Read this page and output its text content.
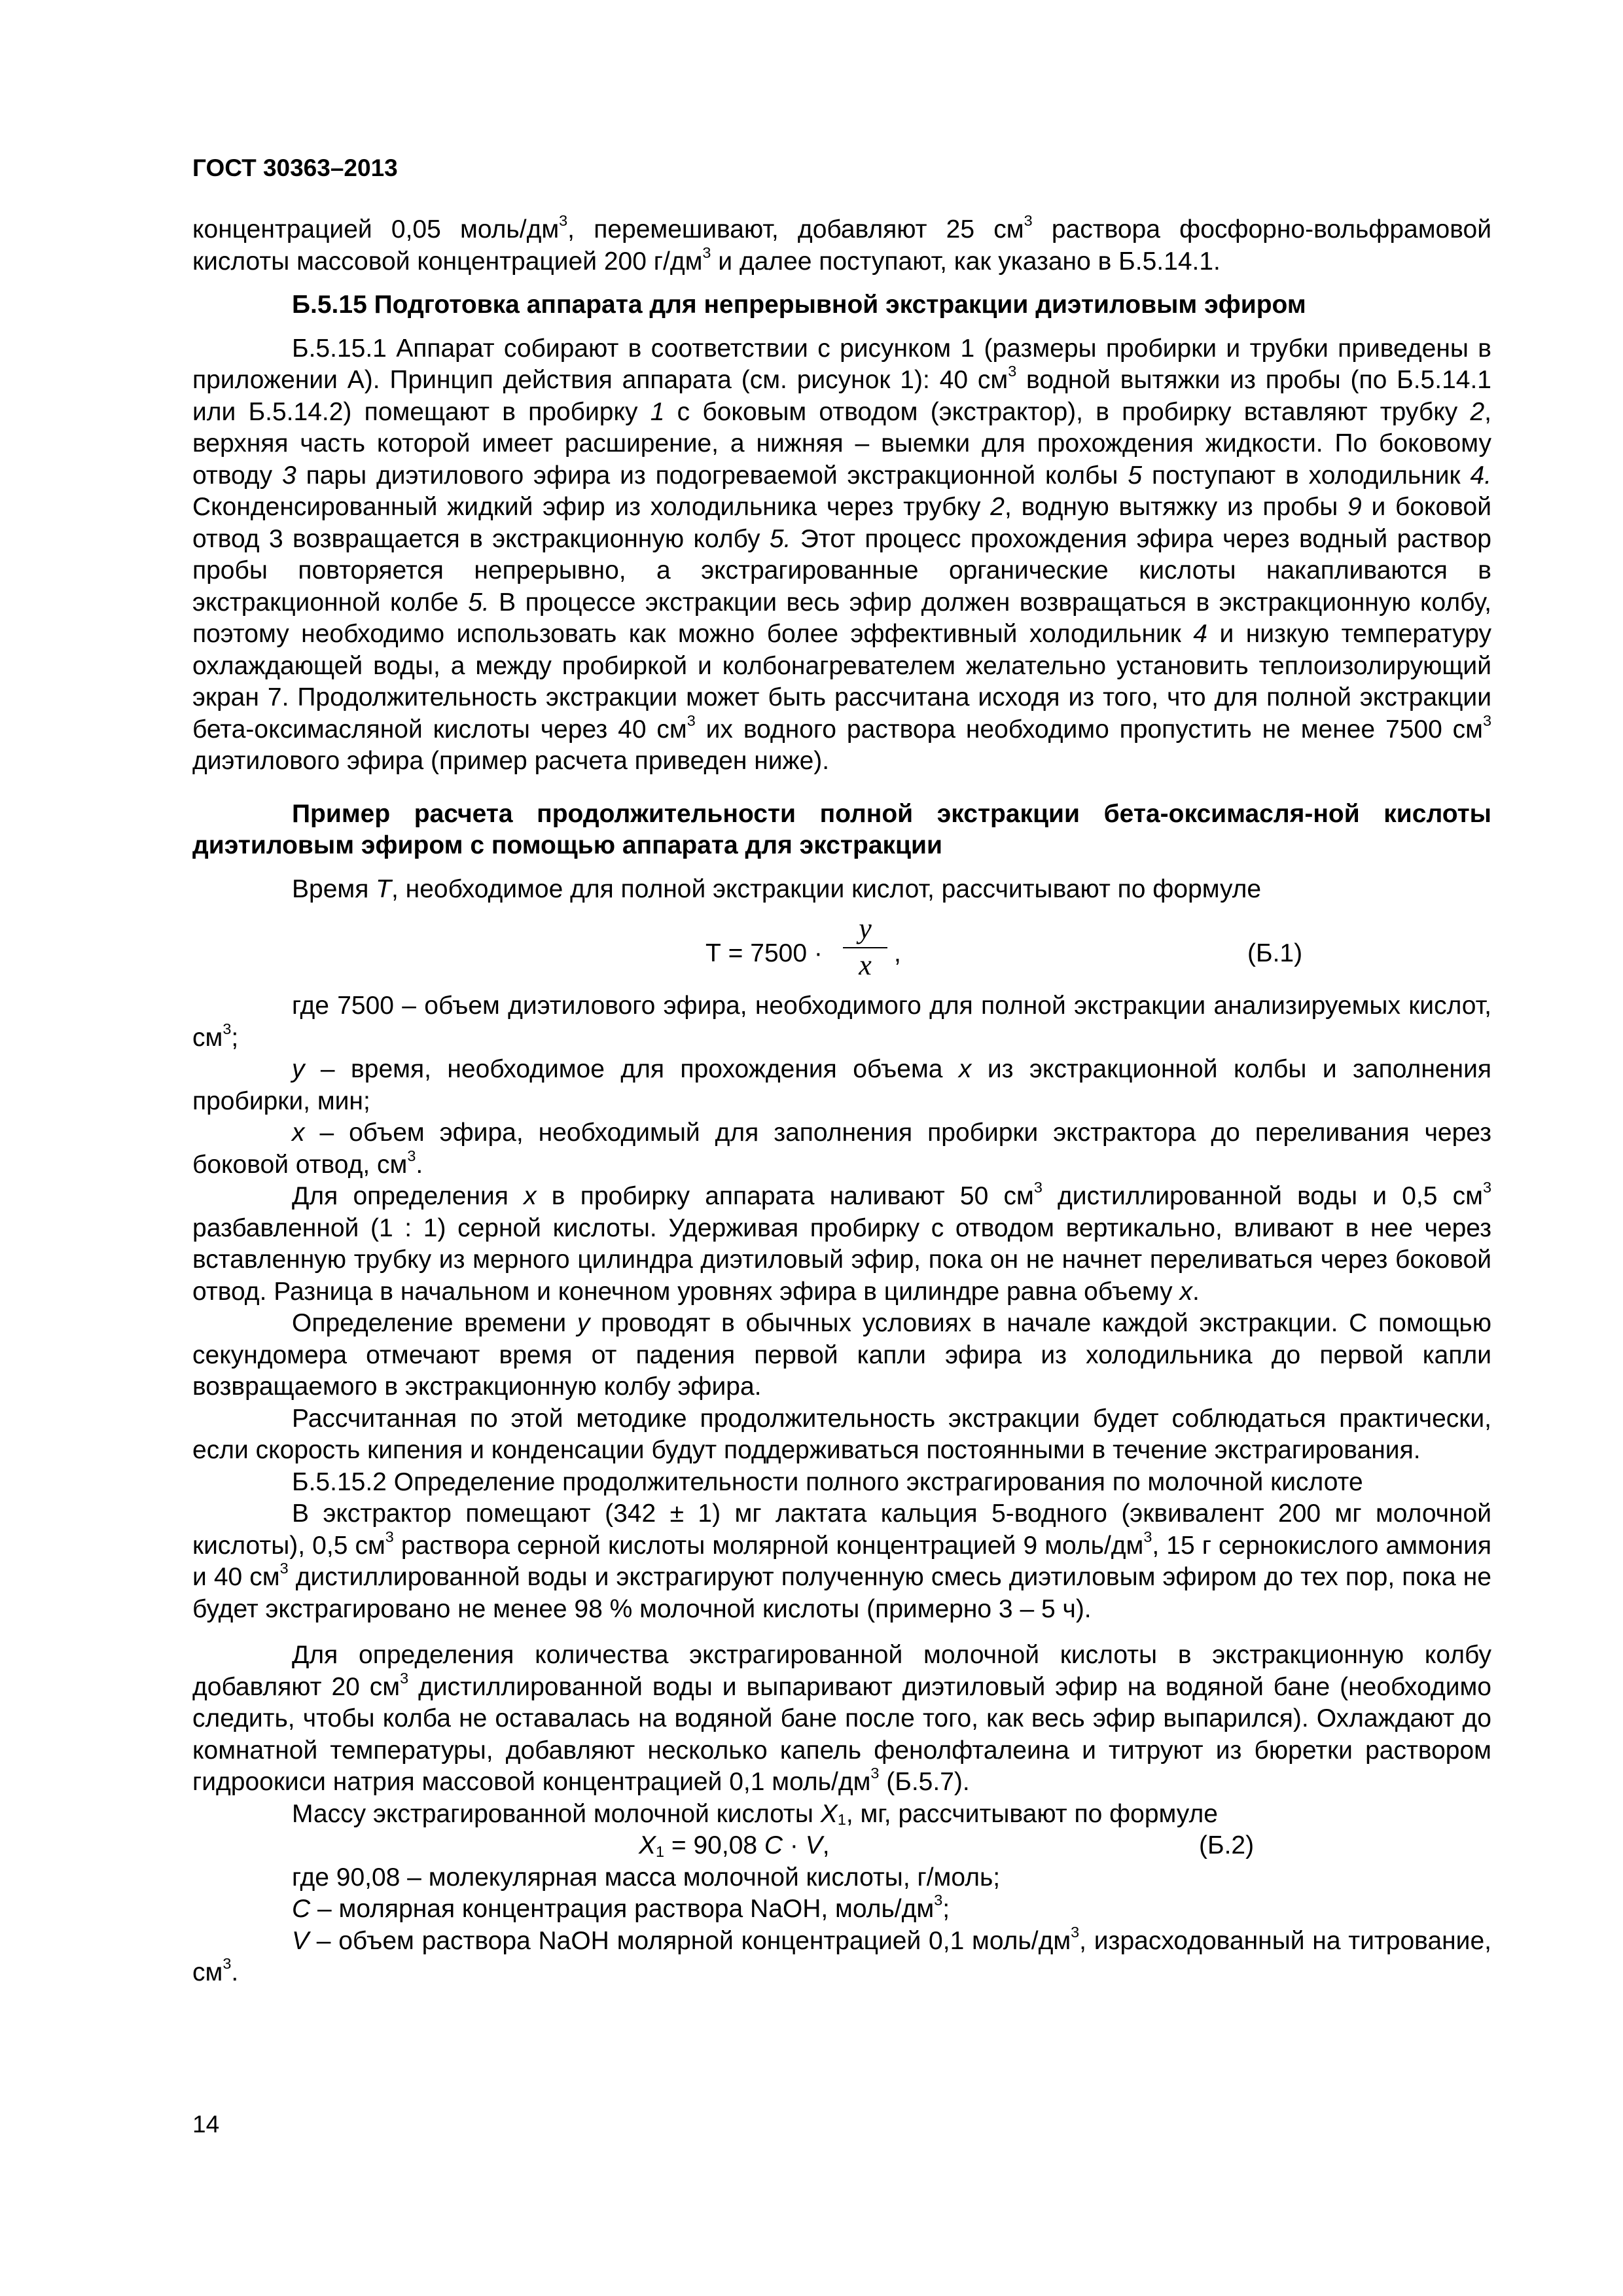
ГОСТ 30363–2013

концентрацией 0,05 моль/$дм^3$, перемешивают, добавляют 25 $см^3$ раствора фосфорно-вольфрамовой кислоты массовой концентрацией 200 $г/дм^3$ и далее поступают, как указано в Б.5.14.1.

Б.5.15 Подготовка аппарата для непрерывной экстракции диэтиловым эфиром

Б.5.15.1 Аппарат собирают в соответствии с рисунком 1 (размеры пробирки и трубки приведены в приложении А). Принцип действия аппарата (см. рисунок 1): 40 $см^3$ водной вытяжки из пробы (по Б.5.14.1 или Б.5.14.2) помещают в пробирку 1 с боковым отводом (экстрактор), в пробирку вставляют трубку 2, верхняя часть которой имеет расширение, а нижняя – выемки для прохождения жидкости. По боковому отводу 3 пары диэтилового эфира из подогреваемой экстракционной колбы 5 поступают в холодильник 4. Сконденсированный жидкий эфир из холодильника через трубку 2, водную вытяжку из пробы 9 и боковой отвод 3 возвращается в экстракционную колбу 5. Этот процесс прохождения эфира через водный раствор пробы повторяется непрерывно, а экстрагированные органические кислоты накапливаются в экстракционной колбе 5. В процессе экстракции весь эфир должен возвращаться в экстракционную колбу, поэтому необходимо использовать как можно более эффективный холодильник 4 и низкую температуру охлаждающей воды, а между пробиркой и колбонагревателем желательно установить теплоизолирующий экран 7. Продолжительность экстракции может быть рассчитана исходя из того, что для полной экстракции бета-оксимасляной кислоты через 40 $см^3$ их водного раствора необходимо пропустить не менее 7500 $см^3$ диэтилового эфира (пример расчета приведен ниже).

Пример расчета продолжительности полной экстракции бета-оксимасля-ной кислоты диэтиловым эфиром с помощью аппарата для экстракции

Время Т, необходимое для полной экстракции кислот, рассчитывают по формуле

Т = 7500 ·
y
x ,	(Б.1)

где 7500 – объем диэтилового эфира, необходимого для полной экстракции анализируемых кислот, $см^3$;

у – время, необходимое для прохождения объема х из экстракционной колбы и заполнения пробирки, мин;

х – объем эфира, необходимый для заполнения пробирки экстрактора до переливания через боковой отвод, $см^3$.

Для определения х в пробирку аппарата наливают 50 $см^3$ дистиллированной воды и 0,5 $см^3$ разбавленной (1 : 1) серной кислоты. Удерживая пробирку с отводом вертикально, вливают в нее через вставленную трубку из мерного цилиндра диэтиловый эфир, пока он не начнет переливаться через боковой отвод. Разница в начальном и конечном уровнях эфира в цилиндре равна объему х.

Определение времени у проводят в обычных условиях в начале каждой экстракции. С помощью секундомера отмечают время от падения первой капли эфира из холодильника до первой капли возвращаемого в экстракционную колбу эфира.

Рассчитанная по этой методике продолжительность экстракции будет соблюдаться практически, если скорость кипения и конденсации будут поддерживаться постоянными в течение экстрагирования.

Б.5.15.2 Определение продолжительности полного экстрагирования по молочной кислоте

В экстрактор помещают (342 ± 1) мг лактата кальция 5-водного (эквивалент 200 мг молочной кислоты), 0,5 $см^3$ раствора серной кислоты молярной концентрацией 9 моль/$дм^3$, 15 г сернокислого аммония и 40 $см^3$ дистиллированной воды и экстрагируют полученную смесь диэтиловым эфиром до тех пор, пока не будет экстрагировано не менее 98 % молочной кислоты (примерно 3 – 5 ч).

Для определения количества экстрагированной молочной кислоты в экстракционную колбу добавляют 20 $см^3$ дистиллированной воды и выпаривают диэтиловый эфир на водяной бане (необходимо следить, чтобы колба не оставалась на водяной бане после того, как весь эфир выпарился). Охлаждают до комнатной температуры, добавляют несколько капель фенолфталеина и титруют из бюретки раствором гидроокиси натрия массовой концентрацией 0,1 моль/$дм^3$ (Б.5.7).

Массу экстрагированной молочной кислоты $Х_1$, мг, рассчитывают по формуле

$Х_1 = 90,08$ С · V,	(Б.2)

где 90,08 – молекулярная масса молочной кислоты, г/моль;

С – молярная концентрация раствора NaOH, моль/$дм^3$;

V – объем раствора NaOH молярной концентрацией 0,1 моль/$дм^3$, израсходованный на титрование, $см^3$.

14
